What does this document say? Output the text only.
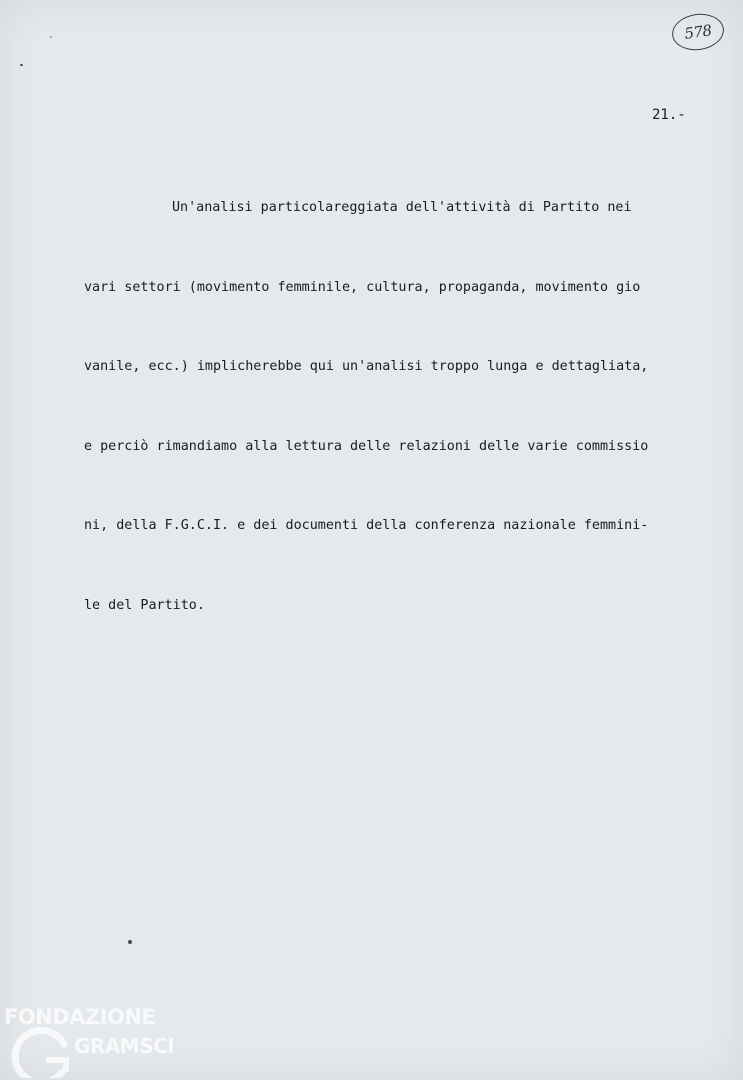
578
21.-

Un'analisi particolareggiata dell'attività di Partito nei

vari settori (movimento femminile, cultura, propaganda, movimento gio

vanile, ecc.) implicherebbe qui un'analisi troppo lunga e dettagliata,

e perciò rimandiamo alla lettura delle relazioni delle varie commissio

ni, della F.G.C.I. e dei documenti della conferenza nazionale femmini-

le del Partito.

FONDAZIONE
GRAMSCI
